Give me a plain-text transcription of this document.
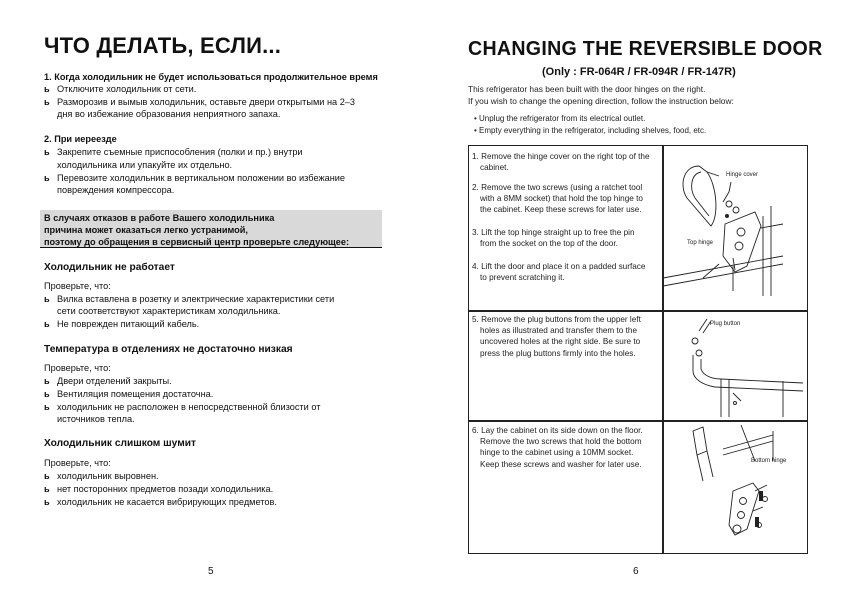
ЧТО ДЕЛАТЬ, ЕСЛИ...
1. Когда холодильник не будет использоваться продолжительное время
ь Отключите холодильник от сети.
ь Разморозив и вымыв холодильник, оставьте двери открытыми на 2–3
дня во избежание образования неприятного запаха.
2. При иерeезде
ь Закрепите съемные приспособления (полки и пр.) внутри
холодильника или упакуйте их отдельно.
ь Перевозите холодильник в вертикальном положении во избежание
повреждения компрессора.
В случаях отказов в работе Вашего холодильника
причина может оказаться легко устранимой,
поэтому до обращения в сервисный центр проверьте следующее:
Холодильник не работает
Проверьте, что:
ь Вилка вставлена в розетку и электрические характеристики сети
сети соответствуют характеристикам холодильника.
ь Не поврежден питающий кабель.
Температура в отделениях не достаточно низкая
Проверьте, что:
ь Двери отделений закрыты.
ь Вентиляция помещения достаточна.
ь холодильник не расположен в непосредственной близости от
источников тепла.
Холодильник слишком шумит
Проверьте, что:
ь холодильник выровнен.
ь нет посторонних предметов позади холодильника.
ь холодильник не касается вибрирующих предметов.
5
CHANGING THE REVERSIBLE DOOR
(Only : FR-064R / FR-094R / FR-147R)
This refrigerator has been built with the door hinges on the right.
If you wish to change the opening direction, follow the instruction below:
• Unplug the refrigerator from its electrical outlet.
• Empty everything in the refrigerator, including shelves, food, etc.
1. Remove the hinge cover on the right top of the
cabinet.
2. Remove the two screws (using a ratchet tool
with a 8MM socket) that hold the top hinge to
the cabinet. Keep these screws for later use.
3. Lift the top hinge straight up to free the pin
from the socket on the top of the door.
4. Lift the door and place it on a padded surface
to prevent scratching it.
5. Remove the plug buttons from the upper left
holes as illustrated and transfer them to the
uncovered holes at the right side. Be sure to
press the plug buttons firmly into the holes.
6. Lay the cabinet on its side down on the floor.
Remove the two screws that hold the bottom
hinge to the cabinet using a 10MM socket.
Keep these screws and washer for later use.
Hinge cover
Top hinge
Plug button
Bottom hinge
6
